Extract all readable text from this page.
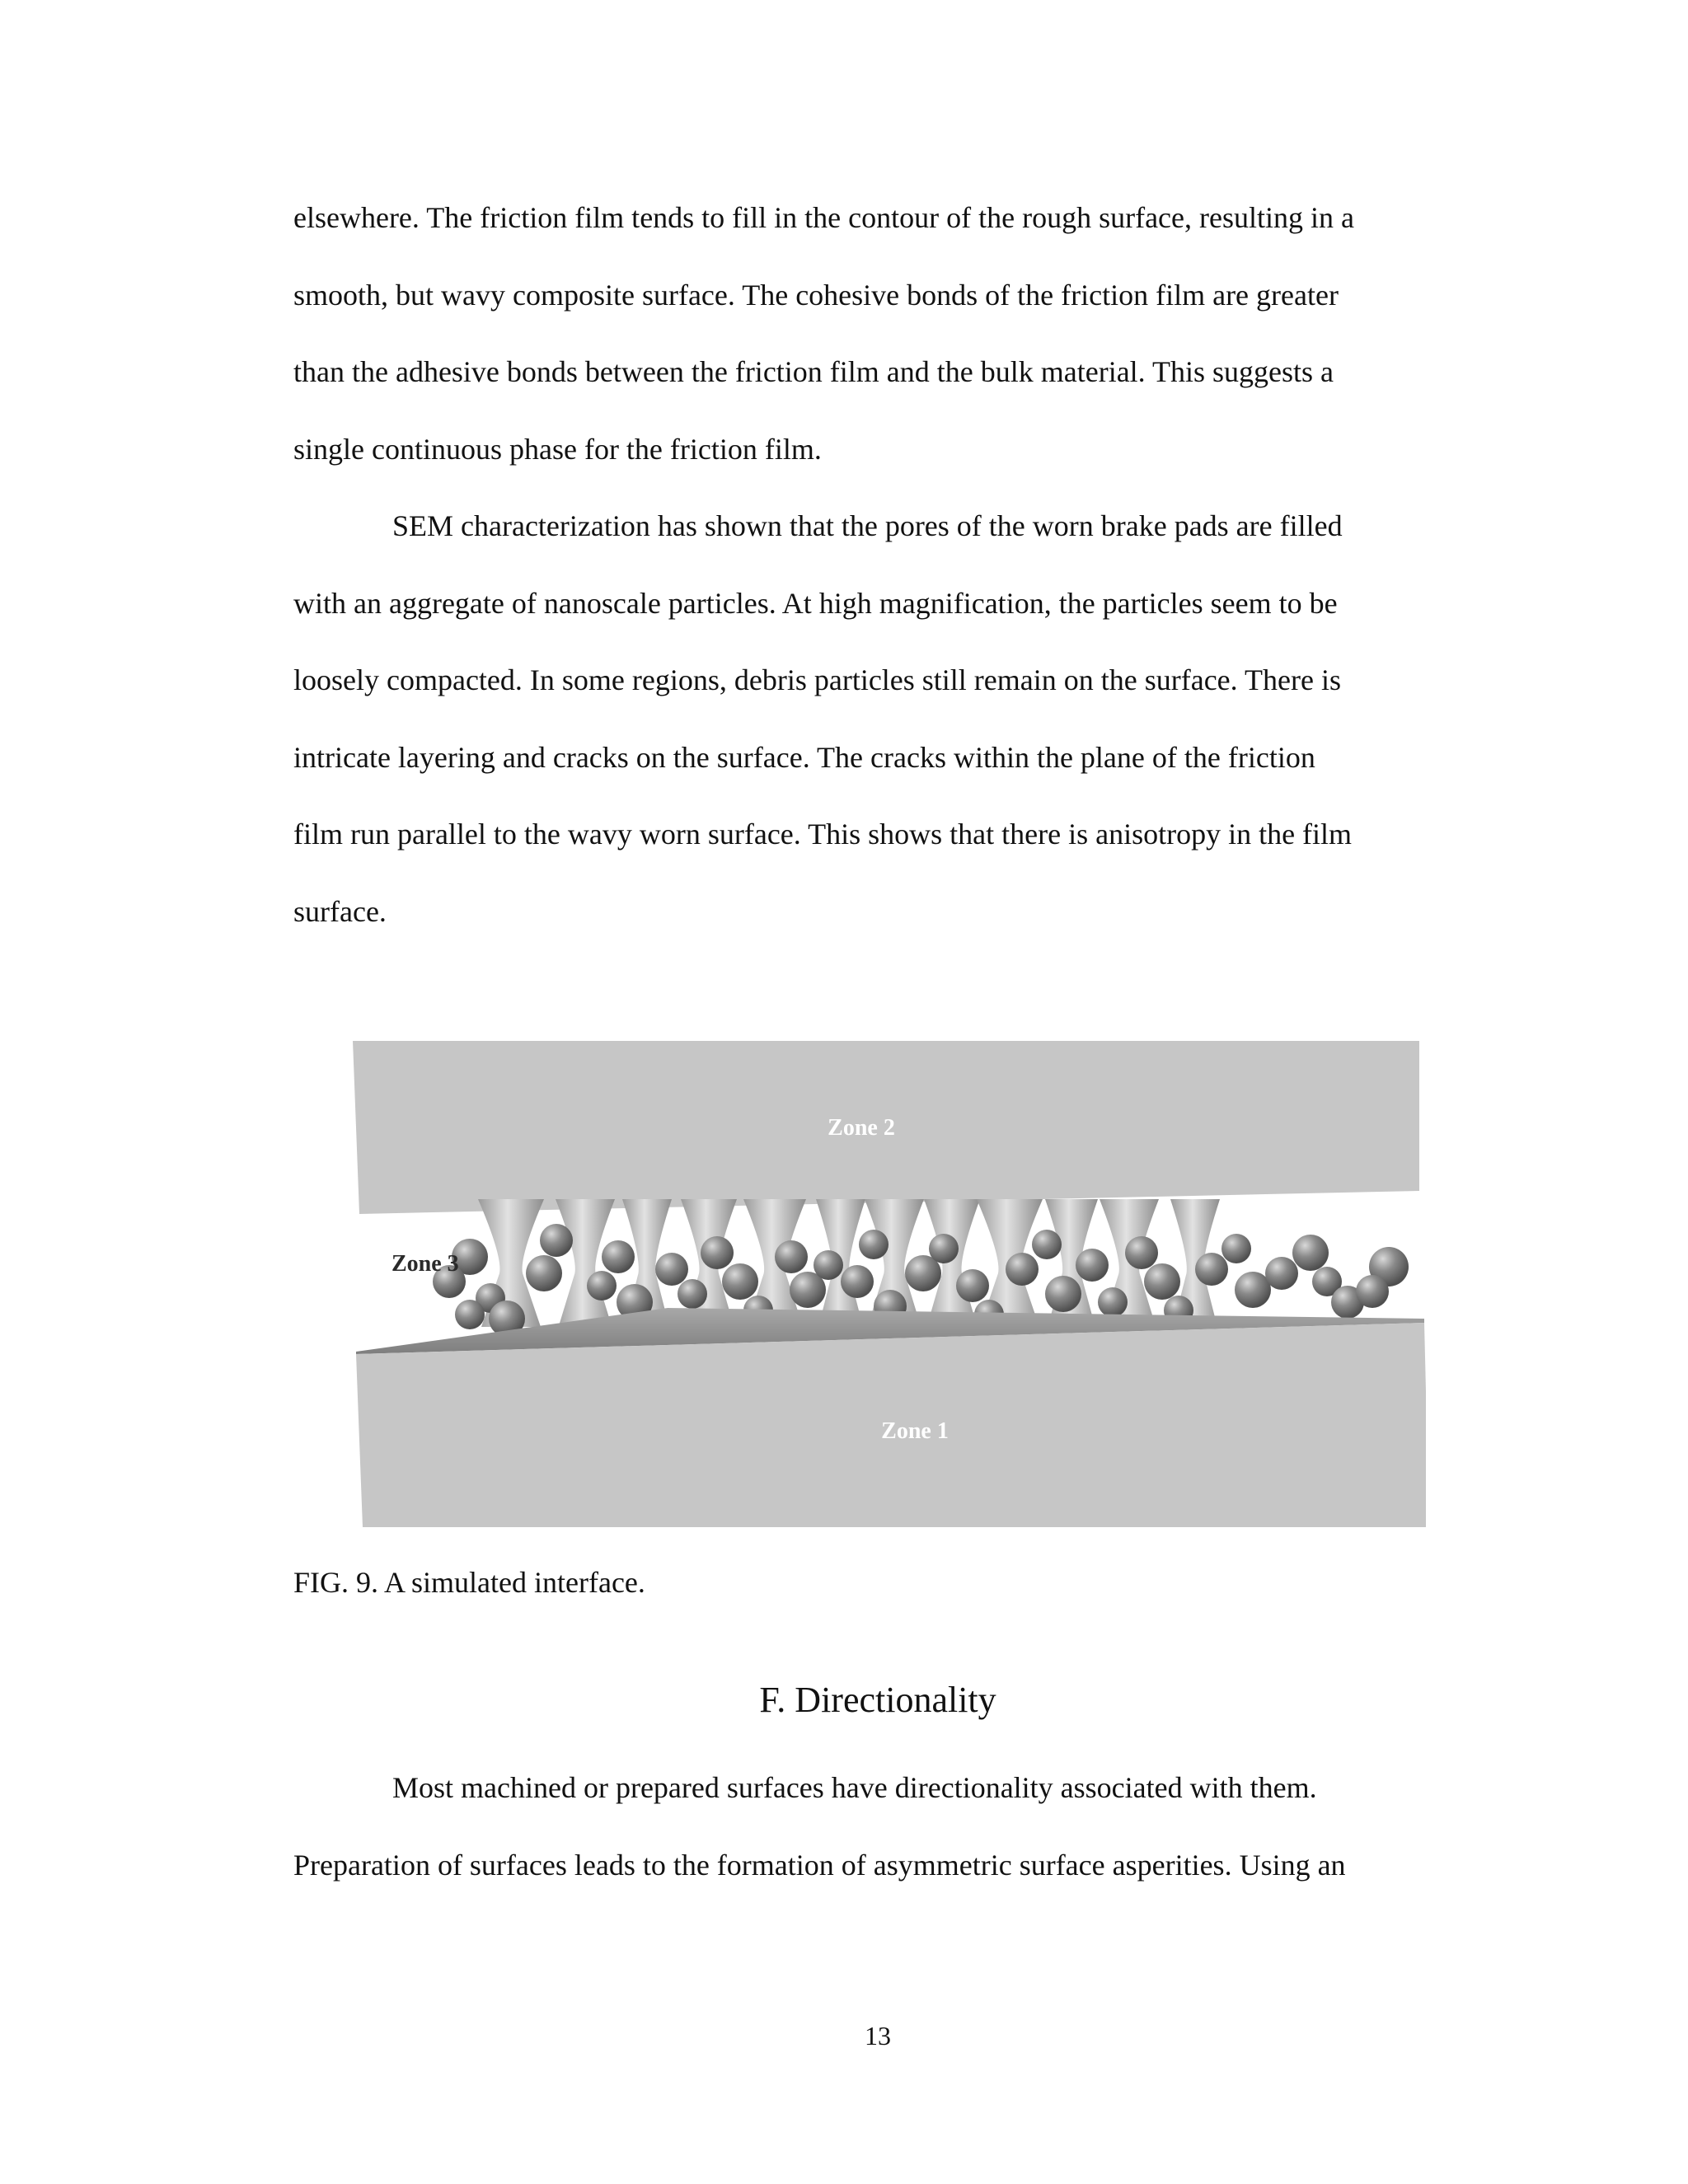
elsewhere. The friction film tends to fill in the contour of the rough surface, resulting in a
smooth, but wavy composite surface. The cohesive bonds of the friction film are greater
than the adhesive bonds between the friction film and the bulk material. This suggests a
single continuous phase for the friction film.
SEM characterization has shown that the pores of the worn brake pads are filled
with an aggregate of nanoscale particles. At high magnification, the particles seem to be
loosely compacted. In some regions, debris particles still remain on the surface. There is
intricate layering and cracks on the surface. The cracks within the plane of the friction
film run parallel to the wavy worn surface. This shows that there is anisotropy in the film
surface.
Zone 2
Zone 3
Zone 1

FIG. 9. A simulated interface.

F. Directionality
Most machined or prepared surfaces have directionality associated with them.
Preparation of surfaces leads to the formation of asymmetric surface asperities. Using an

13
